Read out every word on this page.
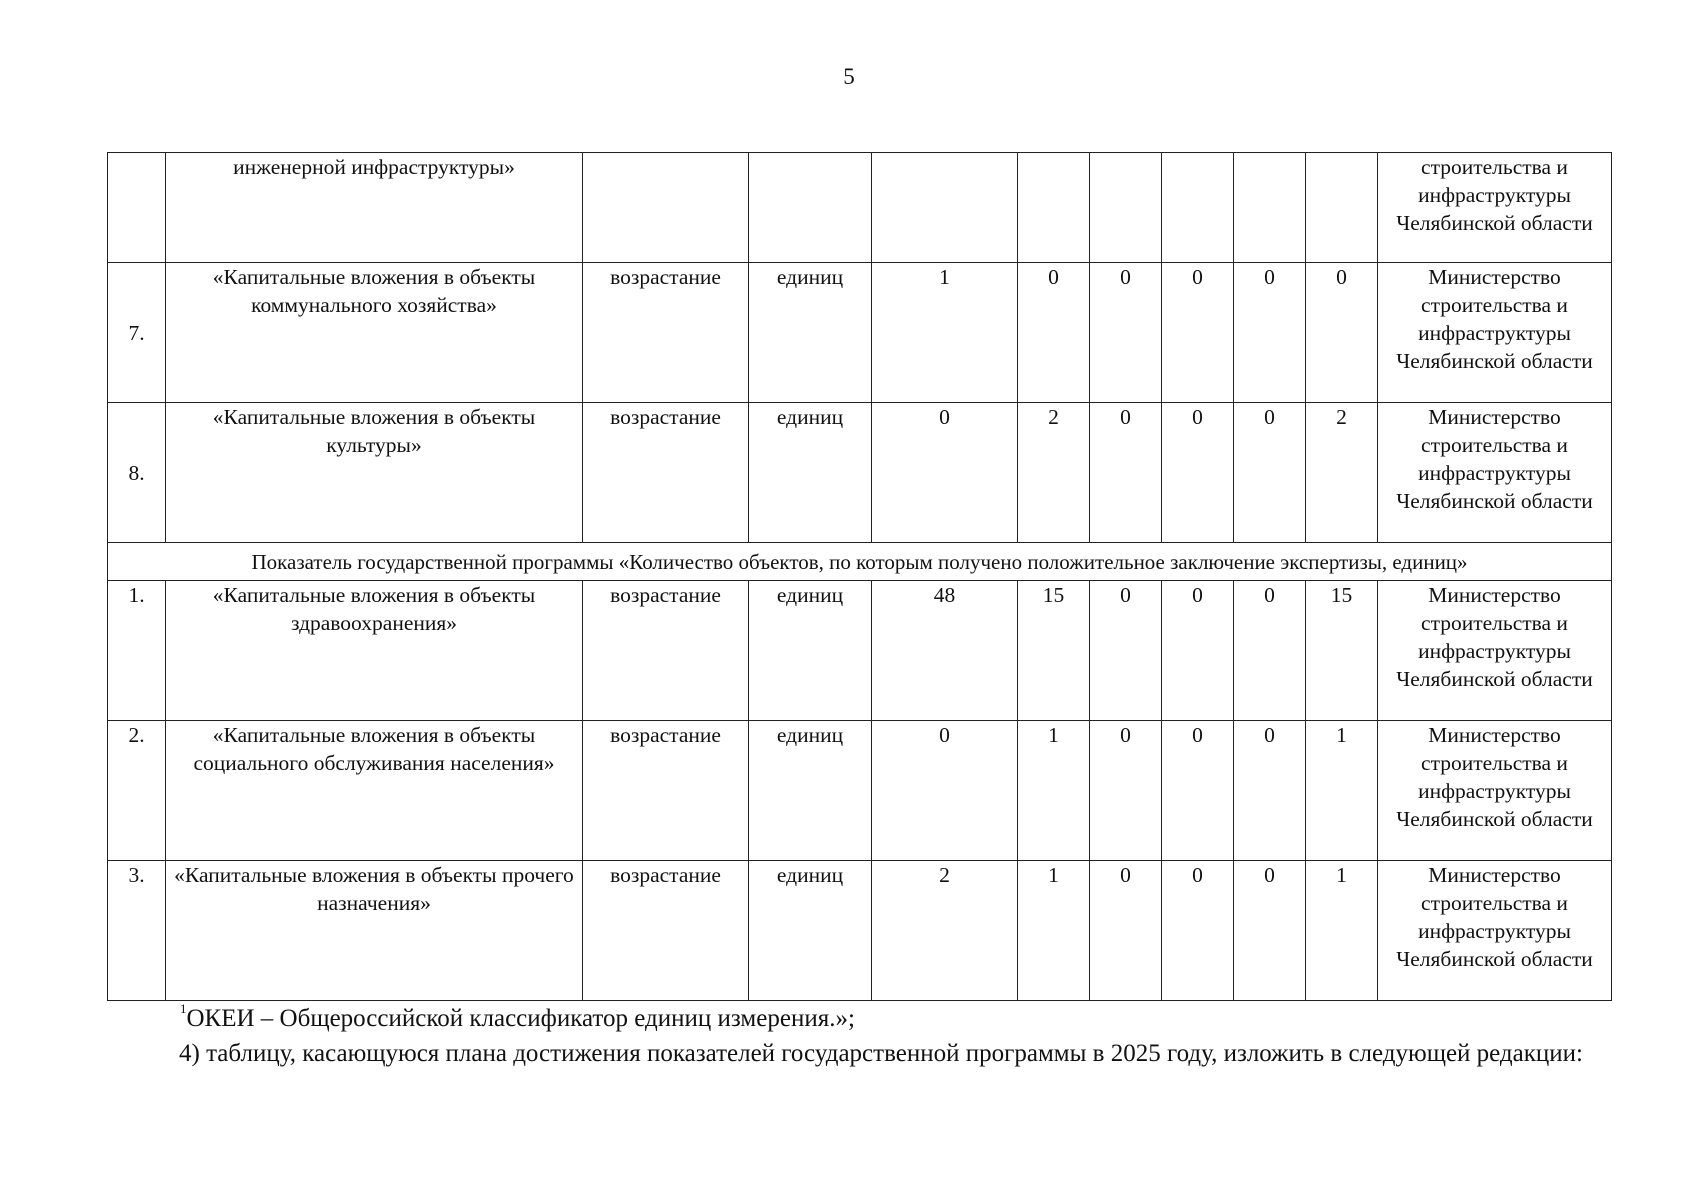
5
	инженерной инфраструктуры»									строительства и инфраструктуры Челябинской области
7.	«Капитальные вложения в объекты коммунального хозяйства»	возрастание	единиц	1	0	0	0	0	0	Министерство строительства и инфраструктуры Челябинской области
8.	«Капитальные вложения в объекты культуры»	возрастание	единиц	0	2	0	0	0	2	Министерство строительства и инфраструктуры Челябинской области
Показатель государственной программы «Количество объектов, по которым получено положительное заключение экспертизы, единиц»										
1.	«Капитальные вложения в объекты здравоохранения»	возрастание	единиц	48	15	0	0	0	15	Министерство строительства и инфраструктуры Челябинской области
2.	«Капитальные вложения в объекты социального обслуживания населения»	возрастание	единиц	0	1	0	0	0	1	Министерство строительства и инфраструктуры Челябинской области
3.	«Капитальные вложения в объекты прочего назначения»	возрастание	единиц	2	1	0	0	0	1	Министерство строительства и инфраструктуры Челябинской области
$^1$ОКЕИ – Общероссийской классификатор единиц измерения.»;
4) таблицу, касающуюся плана достижения показателей государственной программы в 2025 году, изложить в следующей редакции:
